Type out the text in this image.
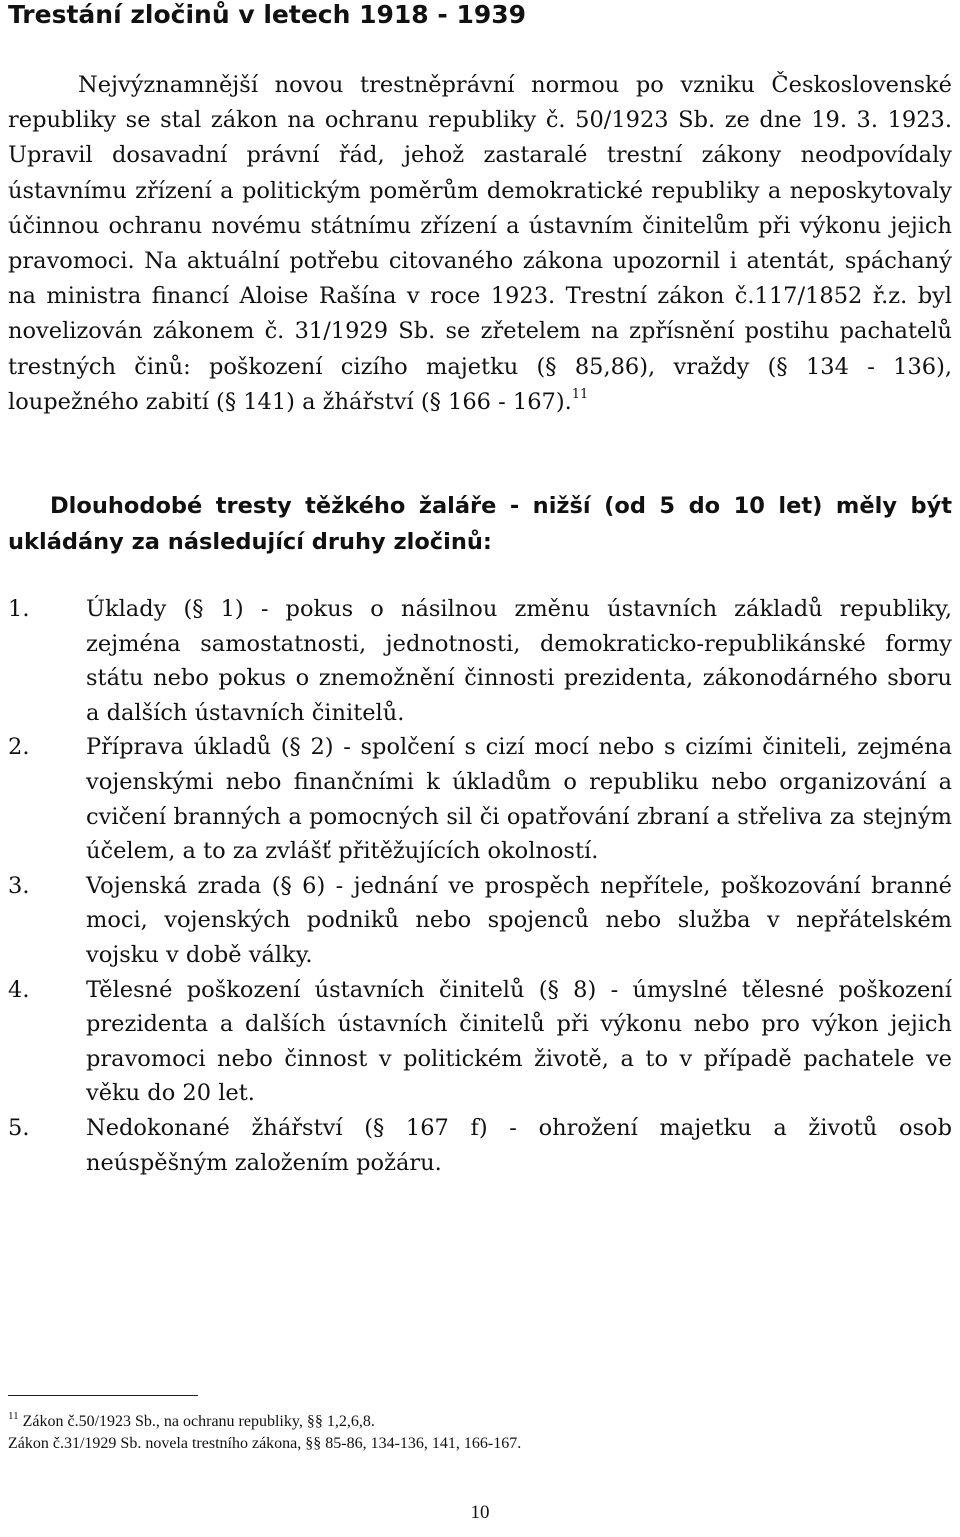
Trestání zločinů v letech 1918 - 1939

Nejvýznamnější novou trestněprávní normou po vzniku Československé republiky se stal zákon na ochranu republiky č. 50/1923 Sb. ze dne 19. 3. 1923. Upravil dosavadní právní řád, jehož zastaralé trestní zákony neodpovídaly ústavnímu zřízení a politickým poměrům demokratické republiky a neposkytovaly účinnou ochranu novému státnímu zřízení a ústavním činitelům při výkonu jejich pravomoci. Na aktuální potřebu citovaného zákona upozornil i atentát, spáchaný na ministra financí Aloise Rašína v roce 1923. Trestní zákon č.117/1852 ř.z. byl novelizován zákonem č. 31/1929 Sb. se zřetelem na zpřísnění postihu pachatelů trestných činů: poškození cizího majetku (§ 85,86), vraždy (§ 134 - 136), loupežného zabití (§ 141) a žhářství (§ 166 - 167).$^{11}$

Dlouhodobé tresty těžkého žaláře - nižší (od 5 do 10 let) měly být ukládány za následující druhy zločinů:

1.	Úklady (§ 1) - pokus o násilnou změnu ústavních základů republiky, zejména samostatnosti, jednotnosti, demokraticko-republikánské formy státu nebo pokus o znemožnění činnosti prezidenta, zákonodárného sboru a dalších ústavních činitelů.
2.	Příprava úkladů (§ 2) - spolčení s cizí mocí nebo s cizími činiteli, zejména vojenskými nebo finančními k úkladům o republiku nebo organizování a cvičení branných a pomocných sil či opatřování zbraní a střeliva za stejným účelem, a to za zvlášť přitěžujících okolností.
3.	Vojenská zrada (§ 6) - jednání ve prospěch nepřítele, poškozování branné moci, vojenských podniků nebo spojenců nebo služba v nepřátelském vojsku v době války.
4.	Tělesné poškození ústavních činitelů (§ 8) - úmyslné tělesné poškození prezidenta a dalších ústavních činitelů při výkonu nebo pro výkon jejich pravomoci nebo činnost v politickém životě, a to v případě pachatele ve věku do 20 let.
5.	Nedokonané žhářství (§ 167 f) - ohrožení majetku a životů osob neúspěšným založením požáru.
$^{11}$ Zákon č.50/1923 Sb., na ochranu republiky, §§ 1,2,6,8.
Zákon č.31/1929 Sb. novela trestního zákona, §§ 85-86, 134-136, 141, 166-167.
10
